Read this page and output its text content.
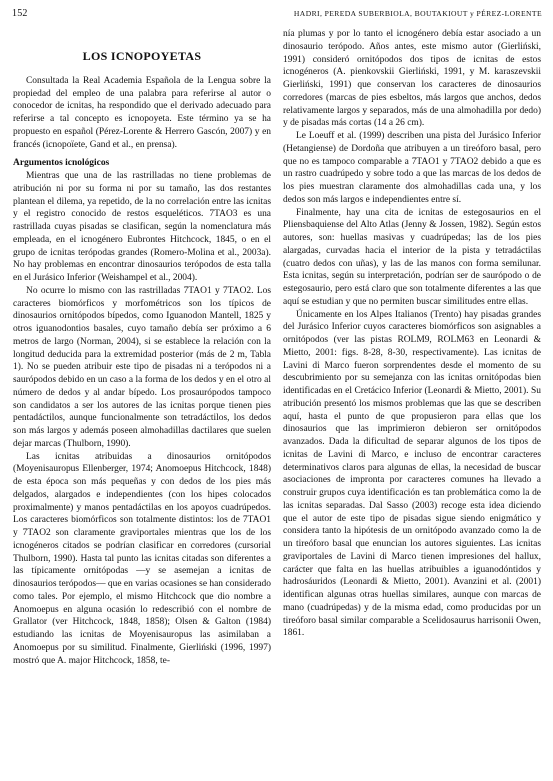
152	HADRI, PEREDA SUBERBIOLA, BOUTAKIOUT y PÉREZ-LORENTE
LOS ICNOPOYETAS

Consultada la Real Academia Española de la Lengua sobre la propiedad del empleo de una palabra para referirse al autor o conocedor de icnitas, ha respondido que el derivado adecuado para referirse a tal concepto es icnopoyeta. Este término ya se ha propuesto en español (Pérez-Lorente & Herrero Gascón, 2007) y en francés (icnopoïete, Gand et al., en prensa).

Argumentos icnológicos

Mientras que una de las rastrilladas no tiene problemas de atribución ni por su forma ni por su tamaño, las dos restantes plantean el dilema, ya repetido, de la no correlación entre las icnitas y el registro conocido de restos esqueléticos. 7TAO3 es una rastrillada cuyas pisadas se clasifican, según la nomenclatura más empleada, en el icnogénero Eubrontes Hitchcock, 1845, o en el grupo de icnitas terópodas grandes (Romero-Molina et al., 2003a). No hay problemas en encontrar dinosaurios terópodos de esta talla en el Jurásico Inferior (Weishampel et al., 2004).

No ocurre lo mismo con las rastrilladas 7TAO1 y 7TAO2. Los caracteres biomórficos y morfométricos son los típicos de dinosaurios ornitópodos bípedos, como Iguanodon Mantell, 1825 y otros iguanodontios basales, cuyo tamaño debía ser próximo a 6 metros de largo (Norman, 2004), si se establece la relación con la longitud deducida para la extremidad posterior (más de 2 m, Tabla 1). No se pueden atribuir este tipo de pisadas ni a terópodos ni a saurópodos debido en un caso a la forma de los dedos y en el otro al número de dedos y al andar bípedo. Los prosaurópodos tampoco son candidatos a ser los autores de las icnitas porque tienen pies pentadáctilos, aunque funcionalmente son tetradáctilos, los dedos son más largos y además poseen almohadillas dactilares que suelen dejar marcas (Thulborn, 1990).

Las icnitas atribuidas a dinosaurios ornitópodos (Moyenisauropus Ellenberger, 1974; Anomoepus Hitchcock, 1848) de esta época son más pequeñas y con dedos de los pies más delgados, alargados e independientes (con los hipes colocados proximalmente) y manos pentadáctilas en los apoyos cuadrúpedos. Los caracteres biomórficos son totalmente distintos: los de 7TAO1 y 7TAO2 son claramente graviportales mientras que los de los icnogéneros citados se podrían clasificar en corredores (cursorial Thulborn, 1990). Hasta tal punto las icnitas citadas son diferentes a las típicamente ornitópodas —y se asemejan a icnitas de dinosaurios terópodos— que en varias ocasiones se han considerado como tales. Por ejemplo, el mismo Hitchcock que dio nombre a Anomoepus en alguna ocasión lo redescribió con el nombre de Grallator (ver Hitchcock, 1848, 1858); Olsen & Galton (1984) estudiando las icnitas de Moyenisauropus las asimilaban a Anomoepus por su similitud. Finalmente, Gierliński (1996, 1997) mostró que A. major Hitchcock, 1858, te-

nía plumas y por lo tanto el icnogénero debía estar asociado a un dinosaurio terópodo. Años antes, este mismo autor (Gierliński, 1991) consideró ornitópodos dos tipos de icnitas de estos icnogéneros (A. pienkovskii Gierliński, 1991, y M. karaszevskii Gierliński, 1991) que conservan los caracteres de dinosaurios corredores (marcas de pies esbeltos, más largos que anchos, dedos relativamente largos y separados, más de una almohadilla por dedo) y de pisadas más cortas (14 a 26 cm).

Le Loeuff et al. (1999) describen una pista del Jurásico Inferior (Hetangiense) de Dordoña que atribuyen a un tireóforo basal, pero que no es tampoco comparable a 7TAO1 y 7TAO2 debido a que es un rastro cuadrúpedo y sobre todo a que las marcas de los dedos de los pies muestran claramente dos almohadillas cada una, y los dedos son más largos e independientes entre sí.

Finalmente, hay una cita de icnitas de estegosaurios en el Pliensbaquiense del Alto Atlas (Jenny & Jossen, 1982). Según estos autores, son: huellas masivas y cuadrúpedas; las de los pies alargadas, curvadas hacia el interior de la pista y tetradáctilas (cuatro dedos con uñas), y las de las manos con forma semilunar. Esta icnitas, según su interpretación, podrían ser de saurópodo o de estegosaurio, pero está claro que son totalmente diferentes a las que aquí se estudian y que no permiten buscar similitudes entre ellas.

Únicamente en los Alpes Italianos (Trento) hay pisadas grandes del Jurásico Inferior cuyos caracteres biomórficos son asignables a ornitópodos (ver las pistas ROLM9, ROLM63 en Leonardi & Mietto, 2001: figs. 8-28, 8-30, respectivamente). Las icnitas de Lavini di Marco fueron sorprendentes desde el momento de su descubrimiento por su semejanza con las icnitas ornitópodas bien identificadas en el Cretácico Inferior (Leonardi & Mietto, 2001). Su atribución presentó los mismos problemas que las que se describen aquí, hasta el punto de que propusieron para ellas que los dinosaurios que las imprimieron debieron ser ornitópodos avanzados. Dada la dificultad de separar algunos de los tipos de icnitas de Lavini di Marco, e incluso de encontrar caracteres determinativos claros para algunas de ellas, la necesidad de buscar asociaciones de impronta por caracteres comunes ha llevado a construir grupos cuya identificación es tan problemática como la de las icnitas separadas. Dal Sasso (2003) recoge esta idea diciendo que el autor de este tipo de pisadas sigue siendo enigmático y considera tanto la hipótesis de un ornitópodo avanzado como la de un tireóforo basal que enuncian los autores siguientes. Las icnitas graviportales de Lavini di Marco tienen impresiones del hallux, carácter que falta en las huellas atribuibles a iguanodóntidos y hadrosáuridos (Leonardi & Mietto, 2001). Avanzini et al. (2001) identifican algunas otras huellas similares, aunque con marcas de mano (cuadrúpedas) y de la misma edad, como producidas por un tireóforo basal similar comparable a Scelidosaurus harrisonii Owen, 1861.
